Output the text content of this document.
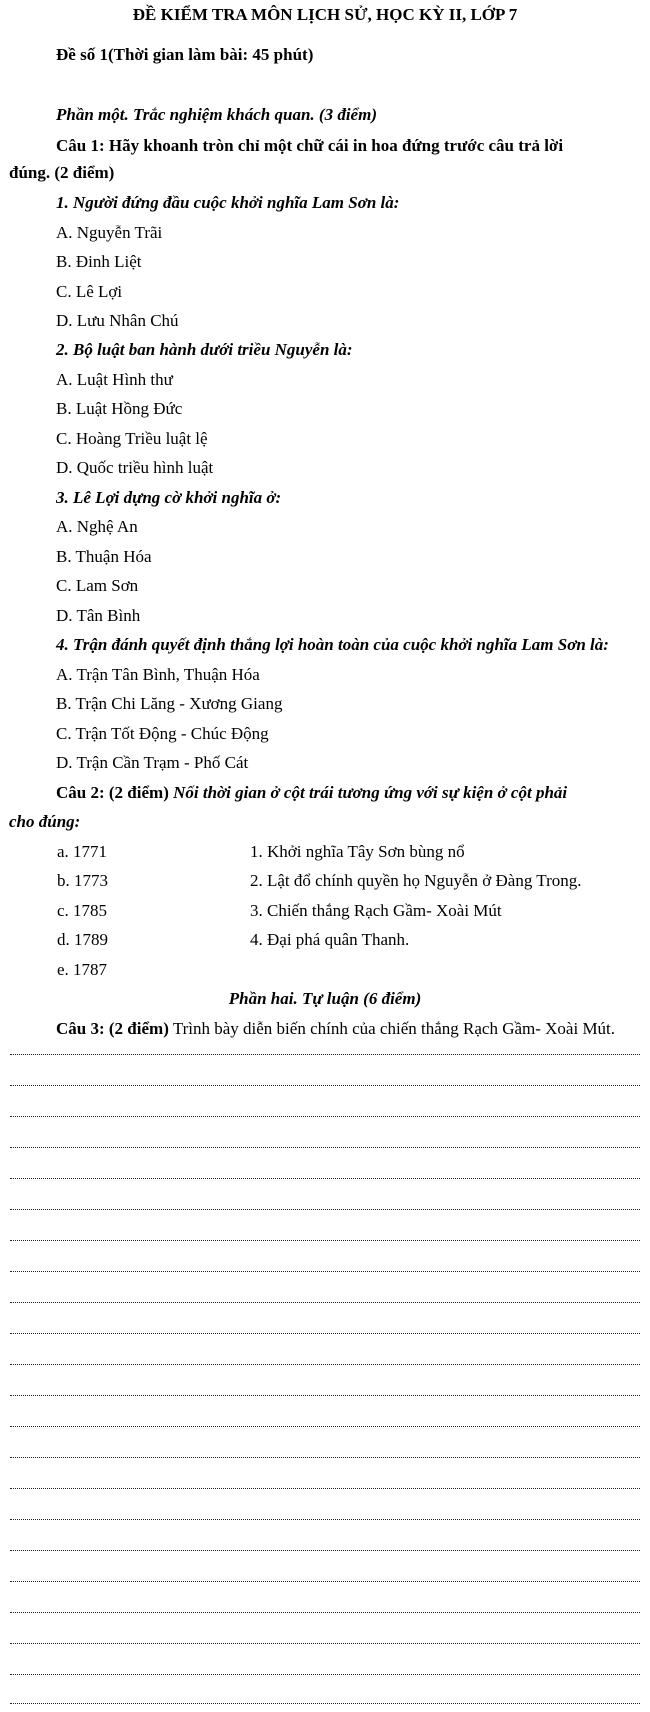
ĐỀ KIỂM TRA MÔN LỊCH SỬ, HỌC KỲ II, LỚP 7
Đề số 1(Thời gian làm bài: 45 phút)
Phần một. Trắc nghiệm khách quan. (3 điểm)
Câu 1: Hãy khoanh tròn chỉ một chữ cái in hoa đứng trước câu trả lời
đúng. (2 điểm)
1. Người đứng đầu cuộc khởi nghĩa Lam Sơn là:
A. Nguyễn Trãi
B. Đinh Liệt
C. Lê Lợi
D. Lưu Nhân Chú
2. Bộ luật ban hành dưới triều Nguyễn là:
A. Luật Hình thư
B. Luật Hồng Đức
C. Hoàng Triều luật lệ
D. Quốc triều hình luật
3. Lê Lợi dựng cờ khởi nghĩa ở:
A. Nghệ An
B. Thuận Hóa
C. Lam Sơn
D. Tân Bình
4. Trận đánh quyết định thắng lợi hoàn toàn của cuộc khởi nghĩa Lam Sơn là:
A. Trận Tân Bình, Thuận Hóa
B. Trận Chi Lăng - Xương Giang
C. Trận Tốt Động - Chúc Động
D. Trận Cần Trạm - Phố Cát
Câu 2: (2 điểm) Nối thời gian ở cột trái tương ứng với sự kiện ở cột phải
cho đúng:
a. 1771
b. 1773
c. 1785
d. 1789
e. 1787
1. Khởi nghĩa Tây Sơn bùng nổ
2. Lật đổ chính quyền họ Nguyễn ở Đàng Trong.
3. Chiến thắng Rạch Gầm- Xoài Mút
4. Đại phá quân Thanh.
Phần hai. Tự luận (6 điểm)
Câu 3: (2 điểm) Trình bày diễn biến chính của chiến thắng Rạch Gầm- Xoài Mút.
